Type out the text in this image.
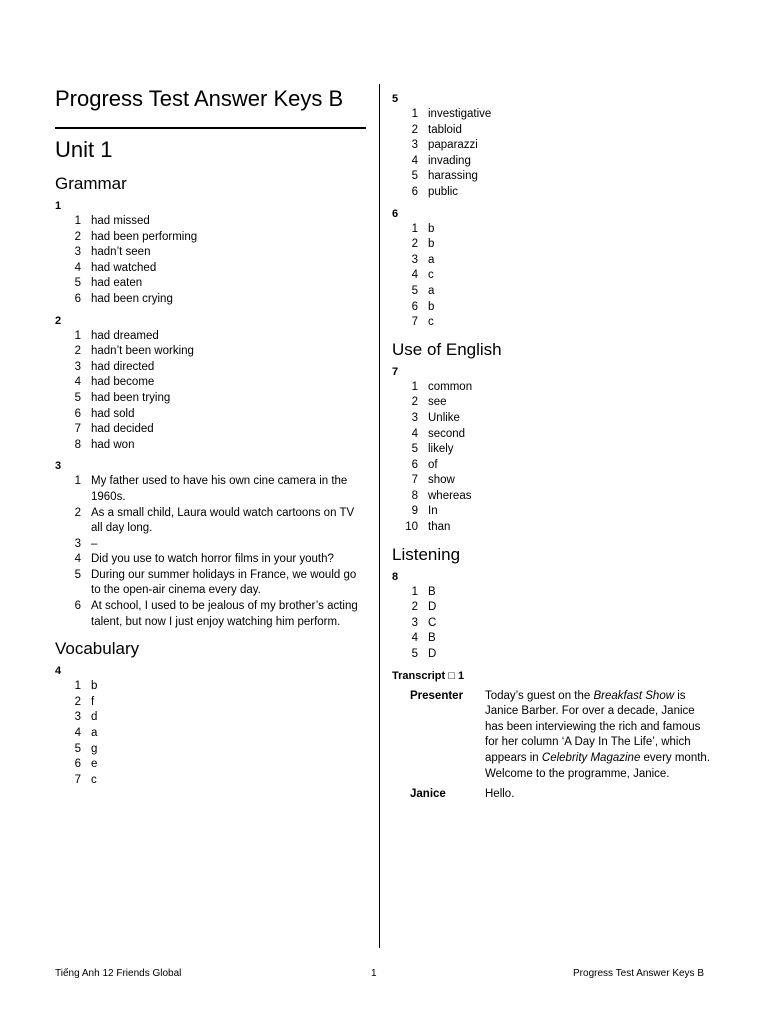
Progress Test Answer Keys B
Unit 1
Grammar
1
1 had missed
2 had been performing
3 hadn’t seen
4 had watched
5 had eaten
6 had been crying
2
1 had dreamed
2 hadn’t been working
3 had directed
4 had become
5 had been trying
6 had sold
7 had decided
8 had won
3
1 My father used to have his own cine camera in the 1960s.
2 As a small child, Laura would watch cartoons on TV all day long.
3 –
4 Did you use to watch horror films in your youth?
5 During our summer holidays in France, we would go to the open-air cinema every day.
6 At school, I used to be jealous of my brother’s acting talent, but now I just enjoy watching him perform.
Vocabulary
4
1 b
2 f
3 d
4 a
5 g
6 e
7 c
5
1 investigative
2 tabloid
3 paparazzi
4 invading
5 harassing
6 public
6
1 b
2 b
3 a
4 c
5 a
6 b
7 c
Use of English
7
1 common
2 see
3 Unlike
4 second
5 likely
6 of
7 show
8 whereas
9 In
10 than
Listening
8
1 B
2 D
3 C
4 B
5 D
Transcript □ 1
Presenter	Today’s guest on the Breakfast Show is Janice Barber. For over a decade, Janice has been interviewing the rich and famous for her column ‘A Day In The Life’, which appears in Celebrity Magazine every month. Welcome to the programme, Janice.
Janice	Hello.
Tiếng Anh 12 Friends Global	1	Progress Test Answer Keys B
